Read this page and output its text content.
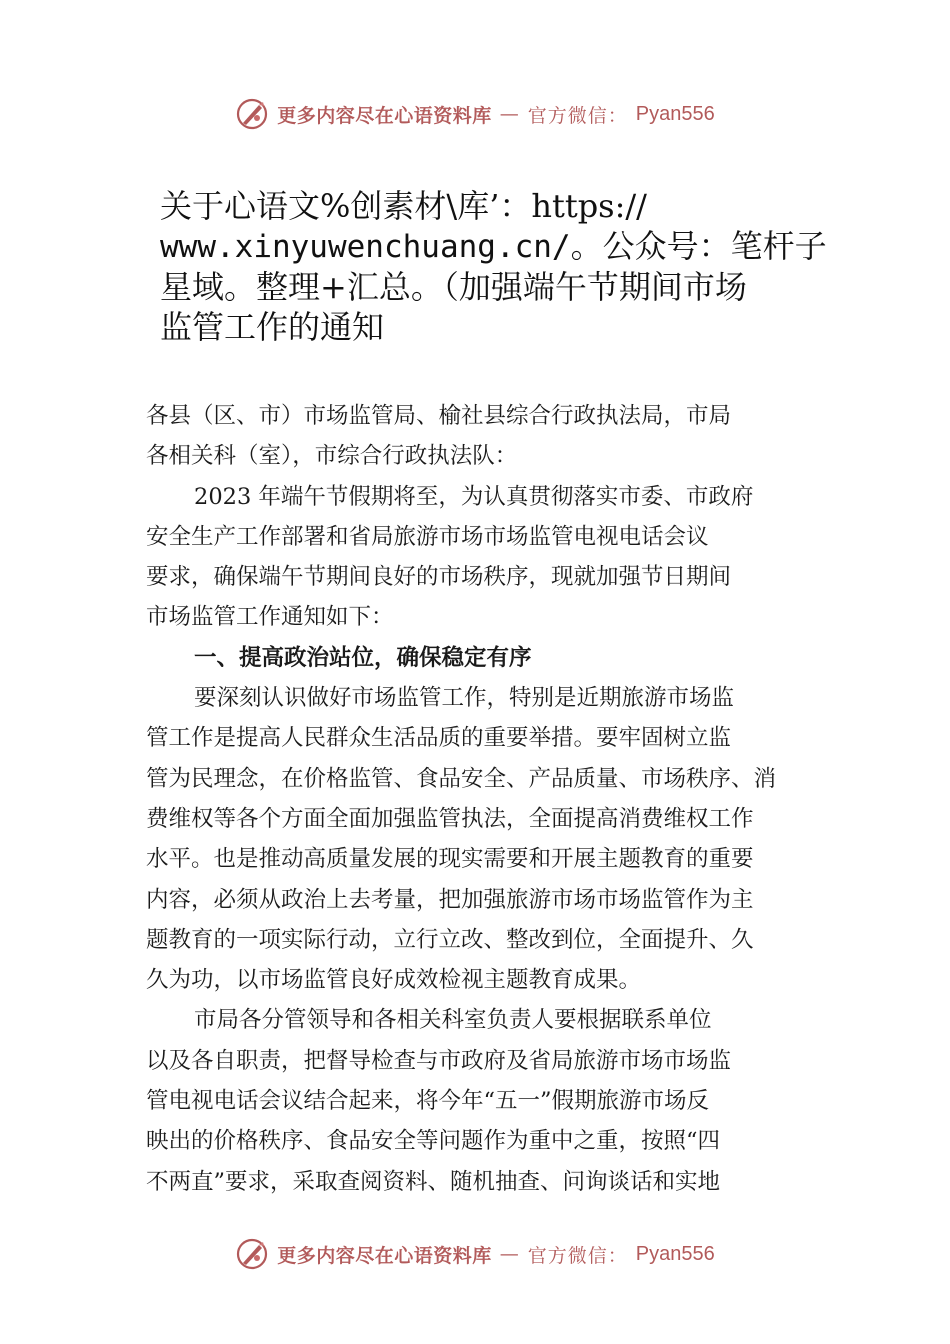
更多内容尽在心语资料库 — 官方微信： Pyan556
关于心语文%创素材\库’：https://
www.xinyuwenchuang.cn/。公众号：笔杆子
星域。整理+汇总。（加强端午节期间市场
监管工作的通知
各县（区、市）市场监管局、榆社县综合行政执法局，市局
各相关科（室），市综合行政执法队：
2023 年端午节假期将至，为认真贯彻落实市委、市政府
安全生产工作部署和省局旅游市场市场监管电视电话会议
要求，确保端午节期间良好的市场秩序，现就加强节日期间
市场监管工作通知如下：
一、提高政治站位，确保稳定有序
要深刻认识做好市场监管工作，特别是近期旅游市场监
管工作是提高人民群众生活品质的重要举措。要牢固树立监
管为民理念，在价格监管、食品安全、产品质量、市场秩序、消
费维权等各个方面全面加强监管执法，全面提高消费维权工作
水平。也是推动高质量发展的现实需要和开展主题教育的重要
内容，必须从政治上去考量，把加强旅游市场市场监管作为主
题教育的一项实际行动，立行立改、整改到位，全面提升、久
久为功，以市场监管良好成效检视主题教育成果。
市局各分管领导和各相关科室负责人要根据联系单位
以及各自职责，把督导检查与市政府及省局旅游市场市场监
管电视电话会议结合起来，将今年“五一”假期旅游市场反
映出的价格秩序、食品安全等问题作为重中之重，按照“四
不两直”要求，采取查阅资料、随机抽查、问询谈话和实地
更多内容尽在心语资料库 — 官方微信： Pyan556
